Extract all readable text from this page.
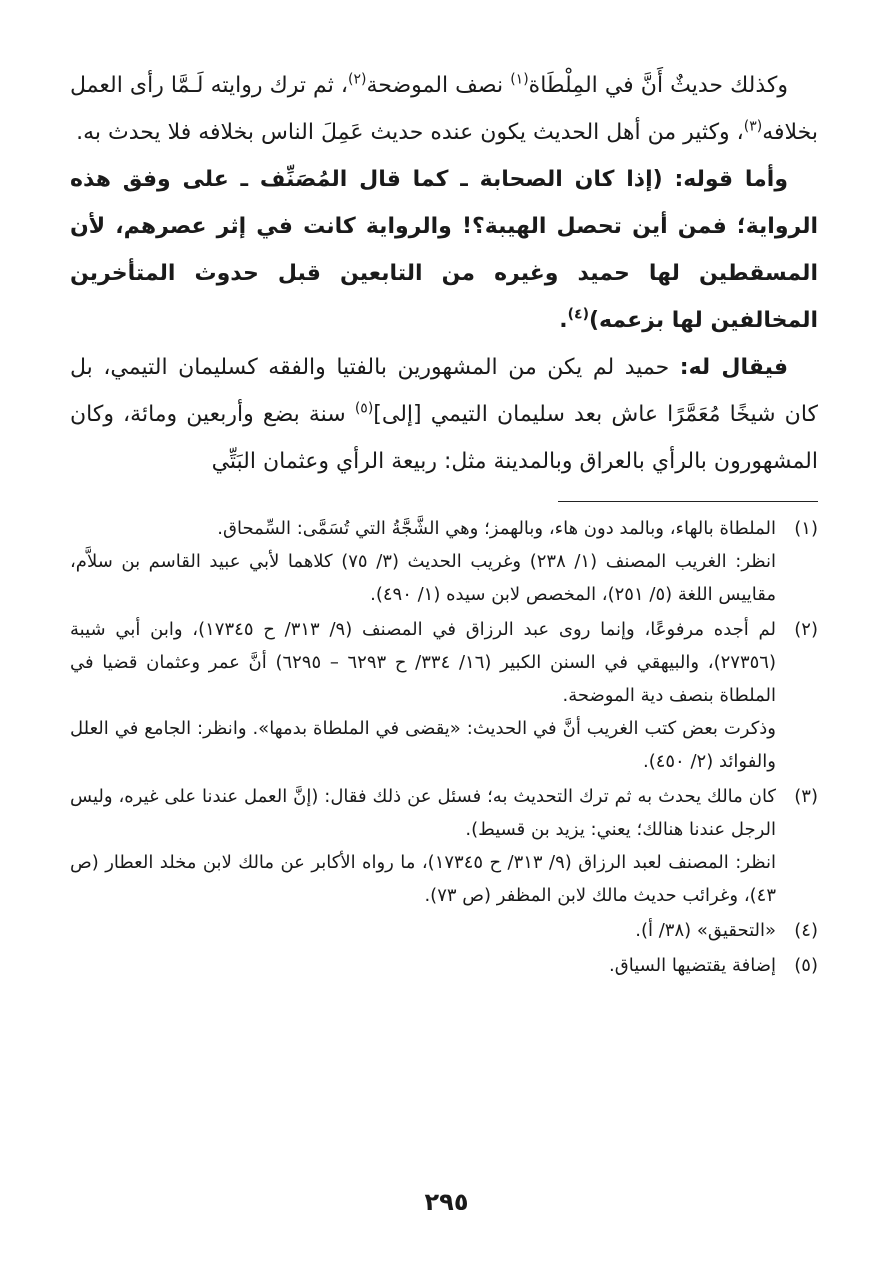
وكذلك حديثٌ أَنَّ في المِلْطَاة$^{(١)}$ نصف الموضحة$^{(٢)}$، ثم ترك روايته لَـمَّا رأى العمل بخلافه$^{(٣)}$، وكثير من أهل الحديث يكون عنده حديث عَمِلَ الناس بخلافه فلا يحدث به.

وأما قوله: (إذا كان الصحابة ـ كما قال المُصَنِّف ـ على وفق هذه الرواية؛ فمن أين تحصل الهيبة؟! والرواية كانت في إثر عصرهم، لأن المسقطين لها حميد وغيره من التابعين قبل حدوث المتأخرين المخالفين لها بزعمه)$^{(٤)}$.

فيقال له: حميد لم يكن من المشهورين بالفتيا والفقه كسليمان التيمي، بل كان شيخًا مُعَمَّرًا عاش بعد سليمان التيمي [إلى]$^{(٥)}$ سنة بضع وأربعين ومائة، وكان المشهورون بالرأي بالعراق وبالمدينة مثل: ربيعة الرأي وعثمان البَتِّي

(١)

الملطاة بالهاء، وبالمد دون هاء، وبالهمز؛ وهي الشَّجَّةُ التي تُسَمَّى: السِّمحاق.

انظر: الغريب المصنف (١/ ٢٣٨) وغريب الحديث (٣/ ٧٥) كلاهما لأبي عبيد القاسم بن سلاَّم، مقاييس اللغة (٥/ ٢٥١)، المخصص لابن سيده (١/ ٤٩٠).

(٢)

لم أجده مرفوعًا، وإنما روى عبد الرزاق في المصنف (٩/ ٣١٣/ ح ١٧٣٤٥)، وابن أبي شيبة (٢٧٣٥٦)، والبيهقي في السنن الكبير (١٦/ ٣٣٤/ ح ٦٢٩٣ – ٦٢٩٥) أنَّ عمر وعثمان قضيا في الملطاة بنصف دية الموضحة.

وذكرت بعض كتب الغريب أنَّ في الحديث: «يقضى في الملطاة بدمها». وانظر: الجامع في العلل والفوائد (٢/ ٤٥٠).

(٣)

كان مالك يحدث به ثم ترك التحديث به؛ فسئل عن ذلك فقال: (إنَّ العمل عندنا على غيره، وليس الرجل عندنا هنالك؛ يعني: يزيد بن قسيط).

انظر: المصنف لعبد الرزاق (٩/ ٣١٣/ ح ١٧٣٤٥)، ما رواه الأكابر عن مالك لابن مخلد العطار (ص ٤٣)، وغرائب حديث مالك لابن المظفر (ص ٧٣).

(٤)

«التحقيق» (٣٨/ أ).

(٥)

إضافة يقتضيها السياق.

٢٩٥
